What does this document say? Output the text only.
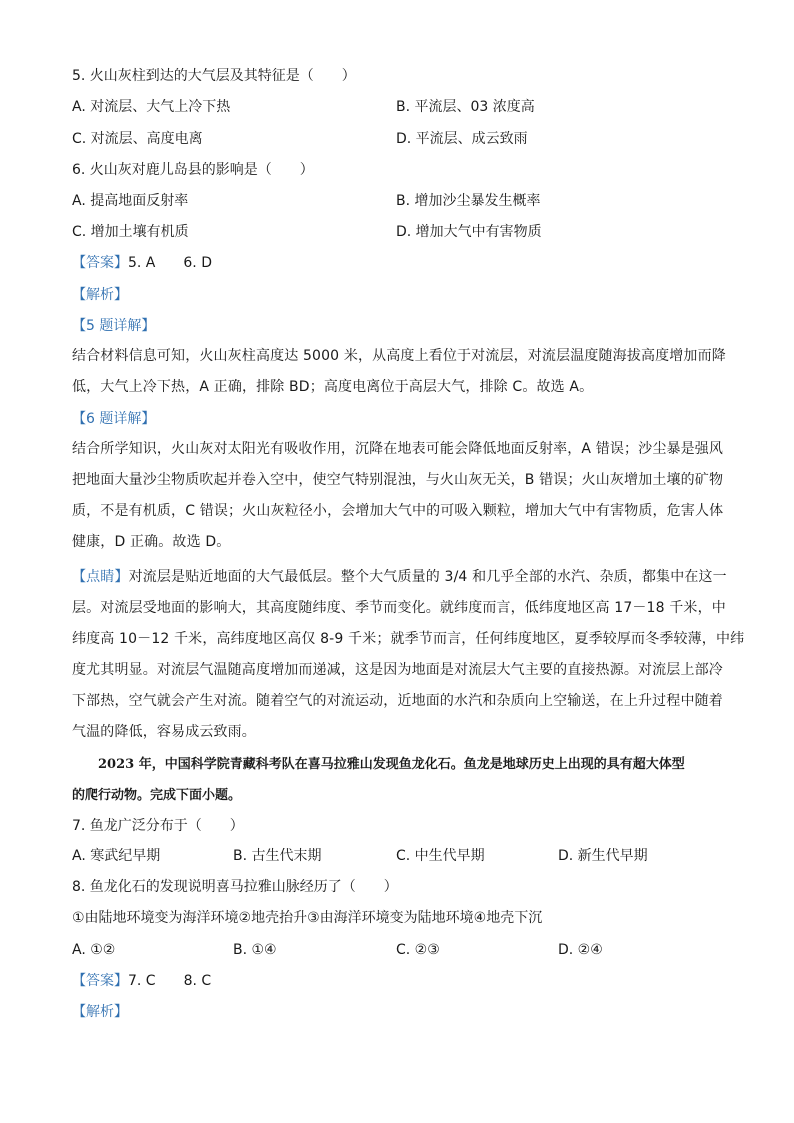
5. 火山灰柱到达的大气层及其特征是（　　）
A. 对流层、大气上冷下热	B. 平流层、03 浓度高
C. 对流层、高度电离	D. 平流层、成云致雨
6. 火山灰对鹿儿岛县的影响是（　　）
A. 提高地面反射率	B. 增加沙尘暴发生概率
C. 增加土壤有机质	D. 增加大气中有害物质
【答案】5. A　　6. D
【解析】
【5 题详解】
结合材料信息可知，火山灰柱高度达 5000 米，从高度上看位于对流层，对流层温度随海拔高度增加而降
低，大气上冷下热，A 正确，排除 BD；高度电离位于高层大气，排除 C。故选 A。
【6 题详解】
结合所学知识，火山灰对太阳光有吸收作用，沉降在地表可能会降低地面反射率，A 错误；沙尘暴是强风
把地面大量沙尘物质吹起并卷入空中，使空气特别混浊，与火山灰无关，B 错误；火山灰增加土壤的矿物
质，不是有机质，C 错误；火山灰粒径小，会增加大气中的可吸入颗粒，增加大气中有害物质，危害人体
健康，D 正确。故选 D。
【点睛】对流层是贴近地面的大气最低层。整个大气质量的 3/4 和几乎全部的水汽、杂质，都集中在这一
层。对流层受地面的影响大，其高度随纬度、季节而变化。就纬度而言，低纬度地区高 17－18 千米，中
纬度高 10－12 千米，高纬度地区高仅 8-9 千米；就季节而言，任何纬度地区，夏季较厚而冬季较薄，中纬
度尤其明显。对流层气温随高度增加而递减，这是因为地面是对流层大气主要的直接热源。对流层上部冷
下部热，空气就会产生对流。随着空气的对流运动，近地面的水汽和杂质向上空输送，在上升过程中随着
气温的降低，容易成云致雨。
　　2023 年，中国科学院青藏科考队在喜马拉雅山发现鱼龙化石。鱼龙是地球历史上出现的具有超大体型
的爬行动物。完成下面小题。
7. 鱼龙广泛分布于（　　）
A. 寒武纪早期	B. 古生代末期	C. 中生代早期	D. 新生代早期
8. 鱼龙化石的发现说明喜马拉雅山脉经历了（　　）
①由陆地环境变为海洋环境②地壳抬升③由海洋环境变为陆地环境④地壳下沉
A. ①②	B. ①④	C. ②③	D. ②④
【答案】7. C　　8. C
【解析】
